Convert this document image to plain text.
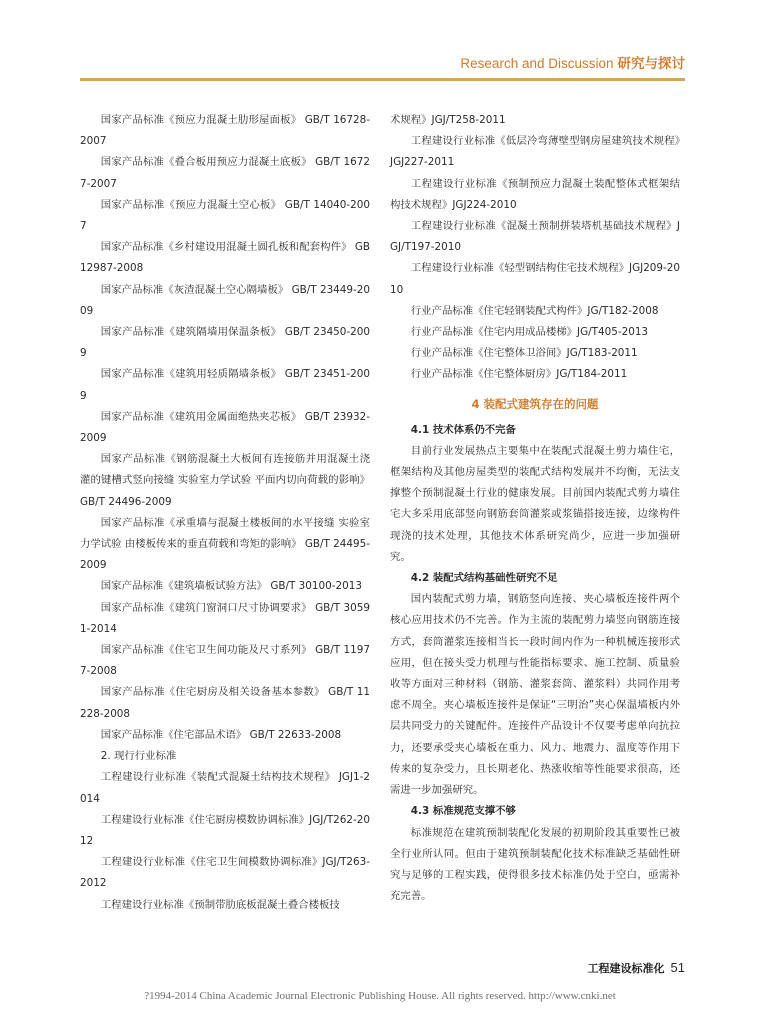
Research and Discussion 研究与探讨

国家产品标准《预应力混凝土肋形屋面板》 GB/T 16728-2007

国家产品标准《叠合板用预应力混凝土底板》 GB/T 16727-2007

国家产品标准《预应力混凝土空心板》 GB/T 14040-2007

国家产品标准《乡村建设用混凝土圆孔板和配套构件》 GB 12987-2008

国家产品标准《灰渣混凝土空心隔墙板》 GB/T 23449-2009

国家产品标准《建筑隔墙用保温条板》 GB/T 23450-2009

国家产品标准《建筑用轻质隔墙条板》 GB/T 23451-2009

国家产品标准《建筑用金属面绝热夹芯板》 GB/T 23932-2009

国家产品标准《钢筋混凝土大板间有连接筋并用混凝土浇灌的键槽式竖向接缝 实验室力学试验 平面内切向荷载的影响》 GB/T 24496-2009

国家产品标准《承重墙与混凝土楼板间的水平接缝 实验室力学试验 由楼板传来的垂直荷载和弯矩的影响》 GB/T 24495-2009

国家产品标准《建筑墙板试验方法》 GB/T 30100-2013

国家产品标准《建筑门窗洞口尺寸协调要求》 GB/T 30591-2014

国家产品标准《住宅卫生间功能及尺寸系列》 GB/T 11977-2008

国家产品标准《住宅厨房及相关设备基本参数》 GB/T 11228-2008

国家产品标准《住宅部品术语》 GB/T 22633-2008

2. 现行行业标准

工程建设行业标准《装配式混凝土结构技术规程》 JGJ1-2014

工程建设行业标准《住宅厨房模数协调标准》JGJ/T262-2012

工程建设行业标准《住宅卫生间模数协调标准》JGJ/T263-2012

工程建设行业标准《预制带肋底板混凝土叠合楼板技

术规程》JGJ/T258-2011

工程建设行业标准《低层冷弯薄壁型钢房屋建筑技术规程》JGJ227-2011

工程建设行业标准《预制预应力混凝土装配整体式框架结构技术规程》JGJ224-2010

工程建设行业标准《混凝土预制拼装塔机基础技术规程》JGJ/T197-2010

工程建设行业标准《轻型钢结构住宅技术规程》JGJ209-2010

行业产品标准《住宅轻钢装配式构件》JG/T182-2008

行业产品标准《住宅内用成品楼梯》JG/T405-2013

行业产品标准《住宅整体卫浴间》JG/T183-2011

行业产品标准《住宅整体厨房》JG/T184-2011

4 装配式建筑存在的问题

4.1 技术体系仍不完备

目前行业发展热点主要集中在装配式混凝土剪力墙住宅，框架结构及其他房屋类型的装配式结构发展并不均衡，无法支撑整个预制混凝土行业的健康发展。目前国内装配式剪力墙住宅大多采用底部竖向钢筋套筒灌浆或浆锚搭接连接，边缘构件现浇的技术处理，其他技术体系研究尚少，应进一步加强研究。

4.2 装配式结构基础性研究不足

国内装配式剪力墙，钢筋竖向连接、夹心墙板连接件两个核心应用技术仍不完善。作为主流的装配剪力墙竖向钢筋连接方式，套筒灌浆连接相当长一段时间内作为一种机械连接形式应用，但在接头受力机理与性能指标要求、施工控制、质量验收等方面对三种材料（钢筋、灌浆套筒、灌浆料）共同作用考虑不周全。夹心墙板连接件是保证“三明治”夹心保温墙板内外层共同受力的关键配件。连接件产品设计不仅要考虑单向抗拉力，还要承受夹心墙板在重力、风力、地震力、温度等作用下传来的复杂受力，且长期老化、热涨收缩等性能要求很高，还需进一步加强研究。

4.3 标准规范支撑不够

标准规范在建筑预制装配化发展的初期阶段其重要性已被全行业所认同。但由于建筑预制装配化技术标准缺乏基础性研究与足够的工程实践，使得很多技术标准仍处于空白，亟需补充完善。

工程建设标准化 51
?1994-2014 China Academic Journal Electronic Publishing House. All rights reserved. http://www.cnki.net
